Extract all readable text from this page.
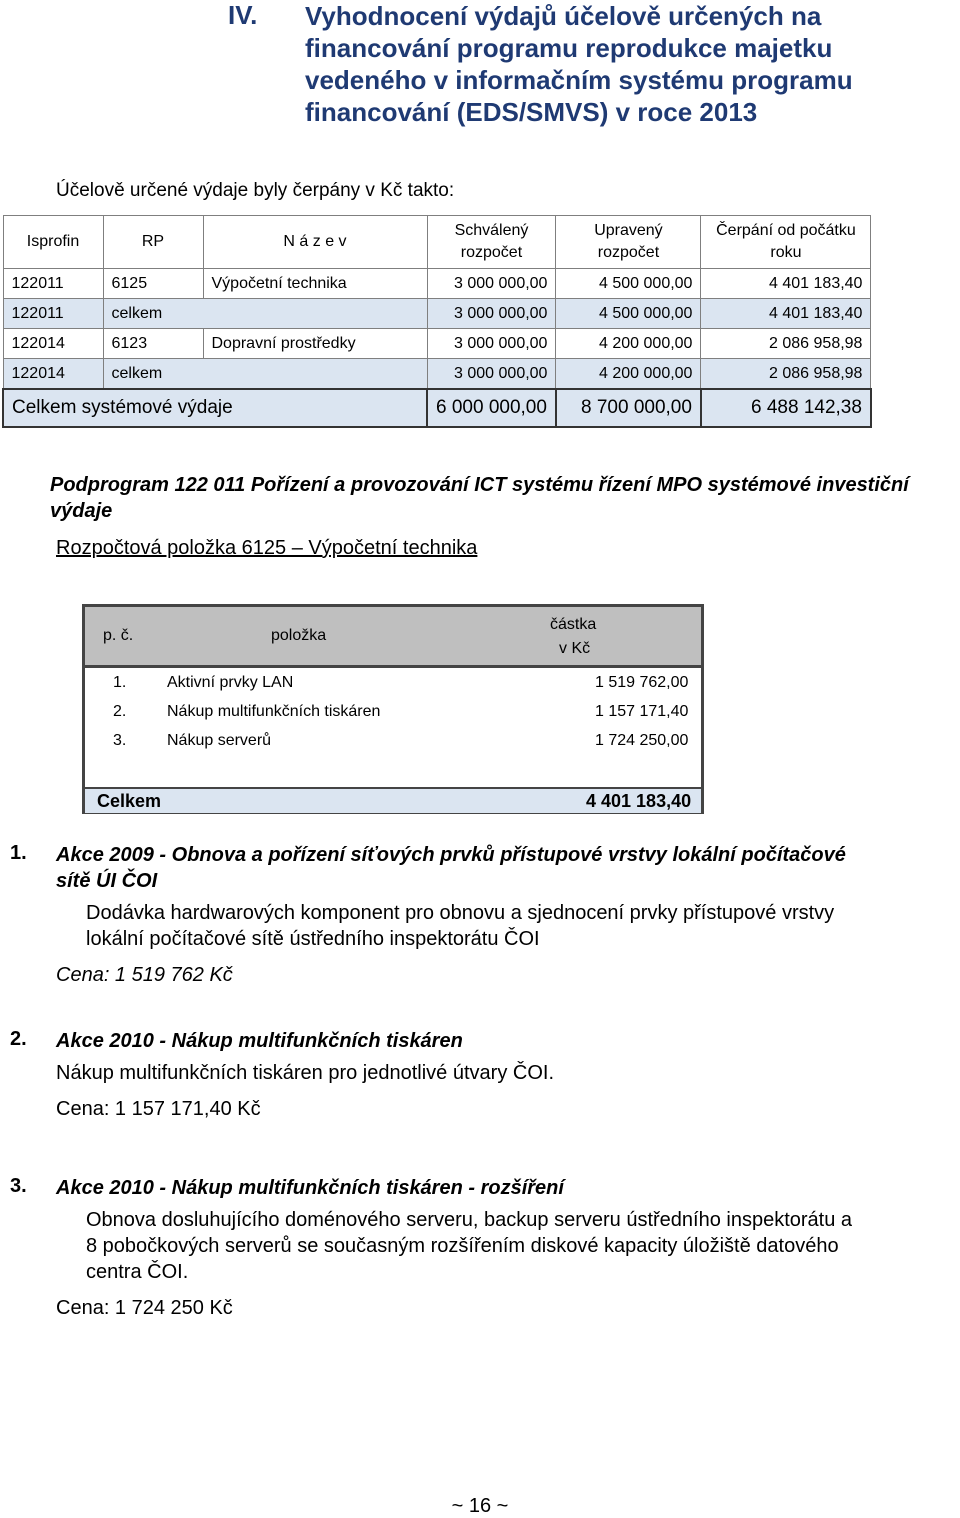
IV. Vyhodnocení výdajů účelově určených na
financování programu reprodukce majetku
vedeného v informačním systému programu
financování (EDS/SMVS) v roce 2013
Účelově určené výdaje byly čerpány v Kč takto:
Isprofin	RP	N á z e v	Schválený
rozpočet	Upravený
rozpočet	Čerpání od počátku
roku
122011	6125	Výpočetní technika	3 000 000,00	4 500 000,00	4 401 183,40
122011	celkem		3 000 000,00	4 500 000,00	4 401 183,40
122014	6123	Dopravní prostředky	3 000 000,00	4 200 000,00	2 086 958,98
122014	celkem		3 000 000,00	4 200 000,00	2 086 958,98
Celkem systémové výdaje			6 000 000,00	8 700 000,00	6 488 142,38
Podprogram 122 011 Pořízení a provozování ICT systému řízení MPO systémové investiční výdaje
Rozpočtová položka 6125 – Výpočetní technika
p. č.	položka
částka
v Kč
1.	Aktivní prvky LAN	1 519 762,00
2.	Nákup multifunkčních tiskáren	1 157 171,40
3.	Nákup serverů	1 724 250,00
Celkem	4 401 183,40
1. Akce 2009 - Obnova a pořízení síťových prvků přístupové vrstvy lokální počítačové
sítě ÚI ČOI
Dodávka hardwarových komponent pro obnovu a sjednocení prvky přístupové vrstvy
lokální počítačové sítě ústředního inspektorátu ČOI
Cena: 1 519 762 Kč
2. Akce 2010 - Nákup multifunkčních tiskáren
Nákup multifunkčních tiskáren pro jednotlivé útvary ČOI.
Cena: 1 157 171,40 Kč
3. Akce 2010 - Nákup multifunkčních tiskáren - rozšíření
Obnova dosluhujícího doménového serveru, backup serveru ústředního inspektorátu a
8 pobočkových serverů se současným rozšířením diskové kapacity úložiště datového
centra ČOI.
Cena: 1 724 250 Kč
~ 16 ~
